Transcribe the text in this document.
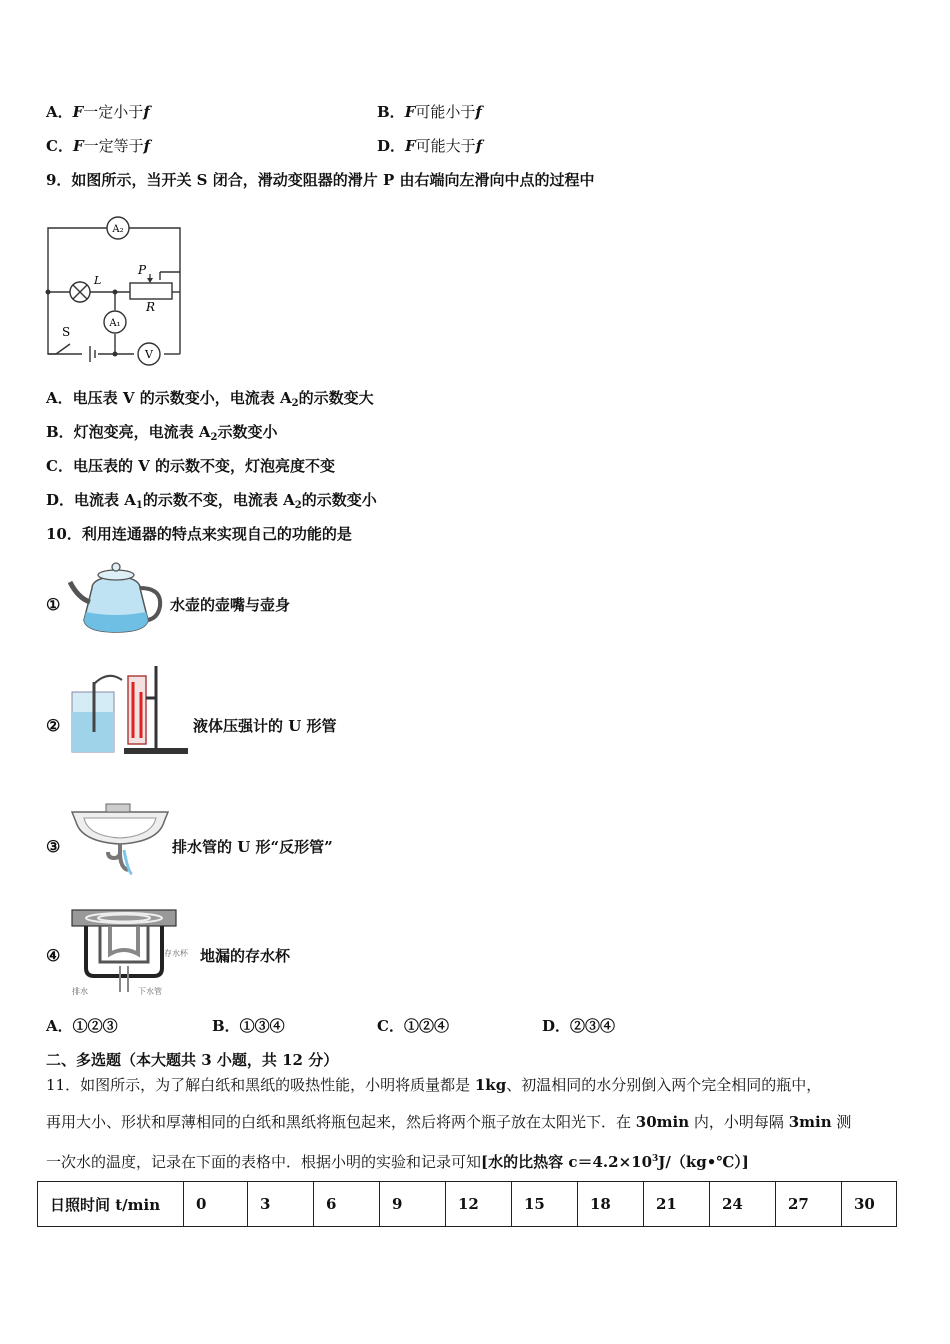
A．F一定小于f	B．F可能小于f
C．F一定等于f	D．F可能大于f
9．如图所示，当开关 S 闭合，滑动变阻器的滑片 P 由右端向左滑向中点的过程中
A₂
L
P
R
A₁
V
S
A．电压表 V 的示数变小，电流表 $A_2$的示数变大
B．灯泡变亮，电流表 $A_2$示数变小
C．电压表的 V 的示数不变，灯泡亮度不变
D．电流表 $A_1$的示数不变，电流表 $A_2$的示数变小
10．利用连通器的特点来实现自己的功能的是
①	水壶的壶嘴与壶身
②	液体压强计的 U 形管
③	排水管的 U 形“反形管”
④	存水杯
排水	下水管
地漏的存水杯
A．①②③	B．①③④	C．①②④	D．②③④
二、多选题（本大题共 3 小题，共 12 分）
11．如图所示，为了解白纸和黑纸的吸热性能，小明将质量都是 1kg、初温相同的水分别倒入两个完全相同的瓶中，
再用大小、形状和厚薄相同的白纸和黑纸将瓶包起来，然后将两个瓶子放在太阳光下．在 30min 内，小明每隔 3min 测
一次水的温度，记录在下面的表格中．根据小明的实验和记录可知[水的比热容 $c=4.2\times 10^3J/(kg•℃)$]
日照时间 t/min	0	3	6	9	12	15	18	21	24	27	30
